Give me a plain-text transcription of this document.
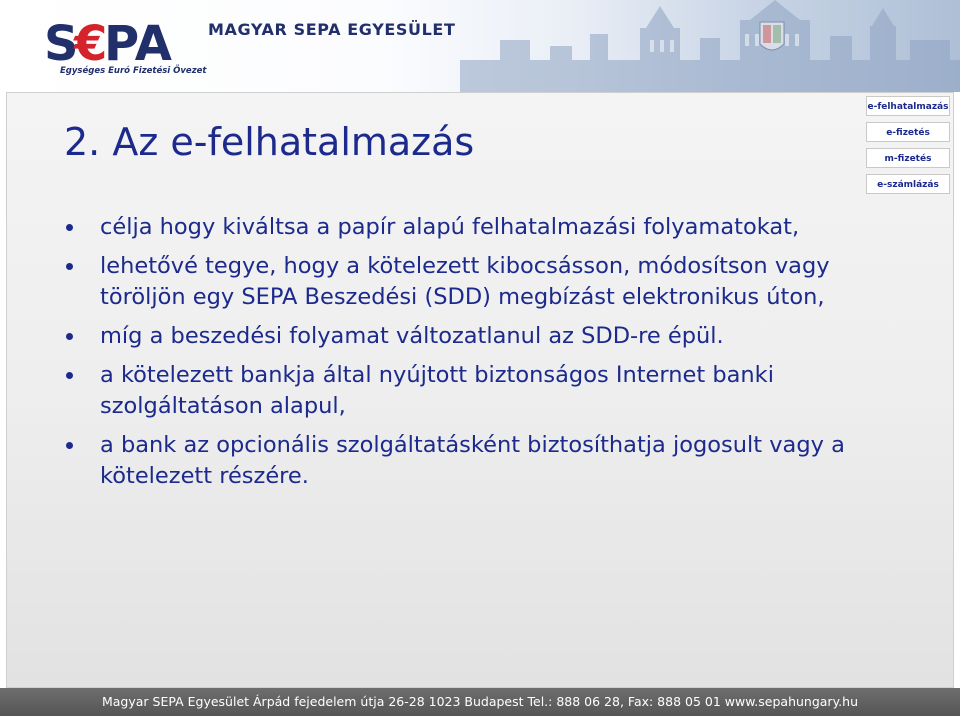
S
€
PA MAGYAR SEPA EGYESÜLET
Egységes Euró Fizetési Övezet
2. Az e-felhatalmazás
e-felhatalmazás
e-fizetés
m-fizetés
e-számlázás
célja hogy kiváltsa a papír alapú felhatalmazási folyamatokat,
lehetővé tegye, hogy a kötelezett kibocsásson, módosítson vagy töröljön egy SEPA Beszedési (SDD) megbízást elektronikus úton,
míg a beszedési folyamat változatlanul az SDD-re épül.
a kötelezett bankja által nyújtott biztonságos Internet banki szolgáltatáson alapul,
a bank az opcionális szolgáltatásként biztosíthatja jogosult vagy a kötelezett részére.
Magyar SEPA Egyesület Árpád fejedelem útja 26-28 1023 Budapest Tel.: 888 06 28, Fax: 888 05 01 www.sepahungary.hu
